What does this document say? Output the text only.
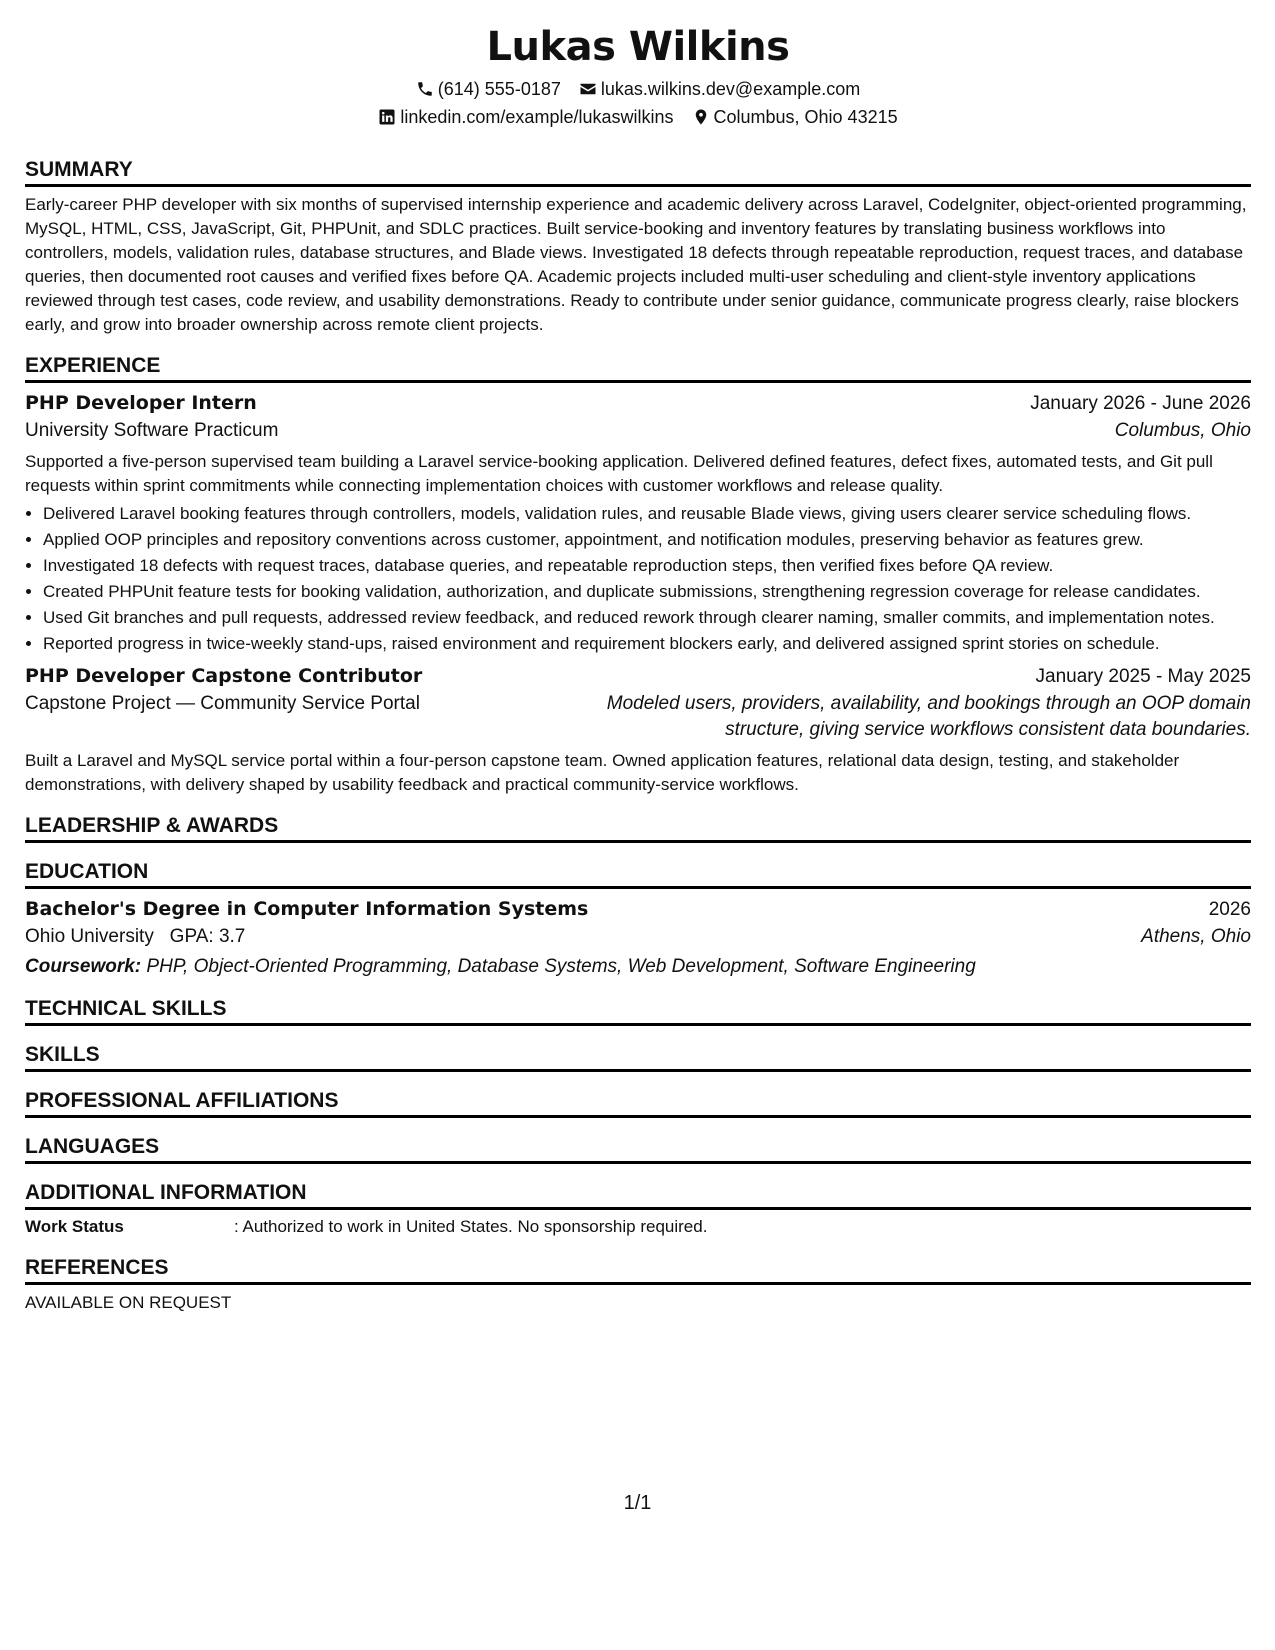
Lukas Wilkins
(614) 555-0187 lukas.wilkins.dev@example.com
linkedin.com/example/lukaswilkins Columbus, Ohio 43215
SUMMARY

Early-career PHP developer with six months of supervised internship experience and academic delivery across Laravel, CodeIgniter, object-oriented programming, MySQL, HTML, CSS, JavaScript, Git, PHPUnit, and SDLC practices. Built service-booking and inventory features by translating business workflows into controllers, models, validation rules, database structures, and Blade views. Investigated 18 defects through repeatable reproduction, request traces, and database queries, then documented root causes and verified fixes before QA. Academic projects included multi-user scheduling and client-style inventory applications reviewed through test cases, code review, and usability demonstrations. Ready to contribute under senior guidance, communicate progress clearly, raise blockers early, and grow into broader ownership across remote client projects.

EXPERIENCE
PHP Developer Intern	January 2026 - June 2026
University Software Practicum	Columbus, Ohio

Supported a five-person supervised team building a Laravel service-booking application. Delivered defined features, defect fixes, automated tests, and Git pull requests within sprint commitments while connecting implementation choices with customer workflows and release quality.

• Delivered Laravel booking features through controllers, models, validation rules, and reusable Blade views, giving users clearer service scheduling flows.
• Applied OOP principles and repository conventions across customer, appointment, and notification modules, preserving behavior as features grew.
• Investigated 18 defects with request traces, database queries, and repeatable reproduction steps, then verified fixes before QA review.
• Created PHPUnit feature tests for booking validation, authorization, and duplicate submissions, strengthening regression coverage for release candidates.
• Used Git branches and pull requests, addressed review feedback, and reduced rework through clearer naming, smaller commits, and implementation notes.
• Reported progress in twice-weekly stand-ups, raised environment and requirement blockers early, and delivered assigned sprint stories on schedule.
PHP Developer Capstone Contributor	January 2025 - May 2025
Capstone Project — Community Service Portal	Modeled users, providers, availability, and bookings through an OOP domain structure, giving service workflows consistent data boundaries.

Built a Laravel and MySQL service portal within a four-person capstone team. Owned application features, relational data design, testing, and stakeholder demonstrations, with delivery shaped by usability feedback and practical community-service workflows.

LEADERSHIP & AWARDS
EDUCATION
Bachelor's Degree in Computer Information Systems	2026
Ohio University GPA: 3.7	Athens, Ohio
Coursework: PHP, Object-Oriented Programming, Database Systems, Web Development, Software Engineering
TECHNICAL SKILLS
SKILLS
PROFESSIONAL AFFILIATIONS
LANGUAGES
ADDITIONAL INFORMATION
Work Status	: Authorized to work in United States. No sponsorship required.
REFERENCES
AVAILABLE ON REQUEST
1/1
